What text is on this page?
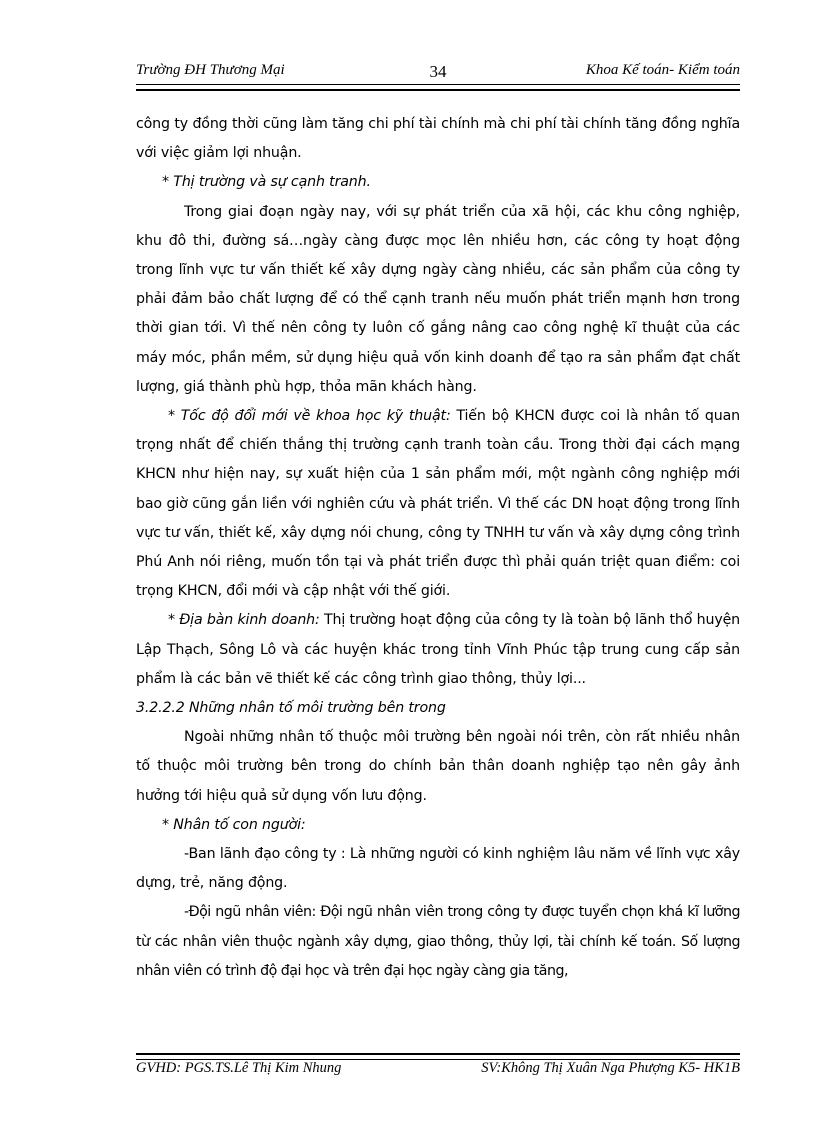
Trường ĐH Thương Mại	34	Khoa Kế toán- Kiểm toán

công ty đồng thời cũng làm tăng chi phí tài chính mà chi phí tài chính tăng đồng nghĩa với việc giảm lợi nhuận.

* Thị trường và sự cạnh tranh.

Trong giai đoạn ngày nay, với sự phát triển của xã hội, các khu công nghiệp, khu đô thi, đường sá…ngày càng được mọc lên nhiều hơn, các công ty hoạt động trong lĩnh vực tư vấn thiết kế xây dựng ngày càng nhiều, các sản phẩm của công ty phải đảm bảo chất lượng để có thể cạnh tranh nếu muốn phát triển mạnh hơn trong thời gian tới. Vì thế nên công ty luôn cố gắng nâng cao công nghệ kĩ thuật của các máy móc, phần mềm, sử dụng hiệu quả vốn kinh doanh để tạo ra sản phẩm đạt chất lượng, giá thành phù hợp, thỏa mãn khách hàng.

* Tốc độ đổi mới về khoa học kỹ thuật: Tiến bộ KHCN được coi là nhân tố quan trọng nhất để chiến thắng thị trường cạnh tranh toàn cầu. Trong thời đại cách mạng KHCN như hiện nay, sự xuất hiện của 1 sản phẩm mới, một ngành công nghiệp mới bao giờ cũng gắn liền với nghiên cứu và phát triển. Vì thế các DN hoạt động trong lĩnh vực tư vấn, thiết kế, xây dựng nói chung, công ty TNHH tư vấn và xây dựng công trình Phú Anh nói riêng, muốn tồn tại và phát triển được thì phải quán triệt quan điểm: coi trọng KHCN, đổi mới và cập nhật với thế giới.

* Địa bàn kinh doanh: Thị trường hoạt động của công ty là toàn bộ lãnh thổ huyện Lập Thạch, Sông Lô và các huyện khác trong tỉnh Vĩnh Phúc tập trung cung cấp sản phẩm là các bản vẽ thiết kế các công trình giao thông, thủy lợi...

3.2.2.2 Những nhân tố môi trường bên trong

Ngoài những nhân tố thuộc môi trường bên ngoài nói trên, còn rất nhiều nhân tố thuộc môi trường bên trong do chính bản thân doanh nghiệp tạo nên gây ảnh hưởng tới hiệu quả sử dụng vốn lưu động.

* Nhân tố con người:

-Ban lãnh đạo công ty : Là những người có kinh nghiệm lâu năm về lĩnh vực xây dựng, trẻ, năng động.

-Đội ngũ nhân viên: Đội ngũ nhân viên trong công ty được tuyển chọn khá kĩ lưỡng từ các nhân viên thuộc ngành xây dựng, giao thông, thủy lợi, tài chính kế toán. Số lượng nhân viên có trình độ đại học và trên đại học ngày càng gia tăng,

GVHD: PGS.TS.Lê Thị Kim Nhung	SV:Không Thị Xuân Nga Phượng K5- HK1B
